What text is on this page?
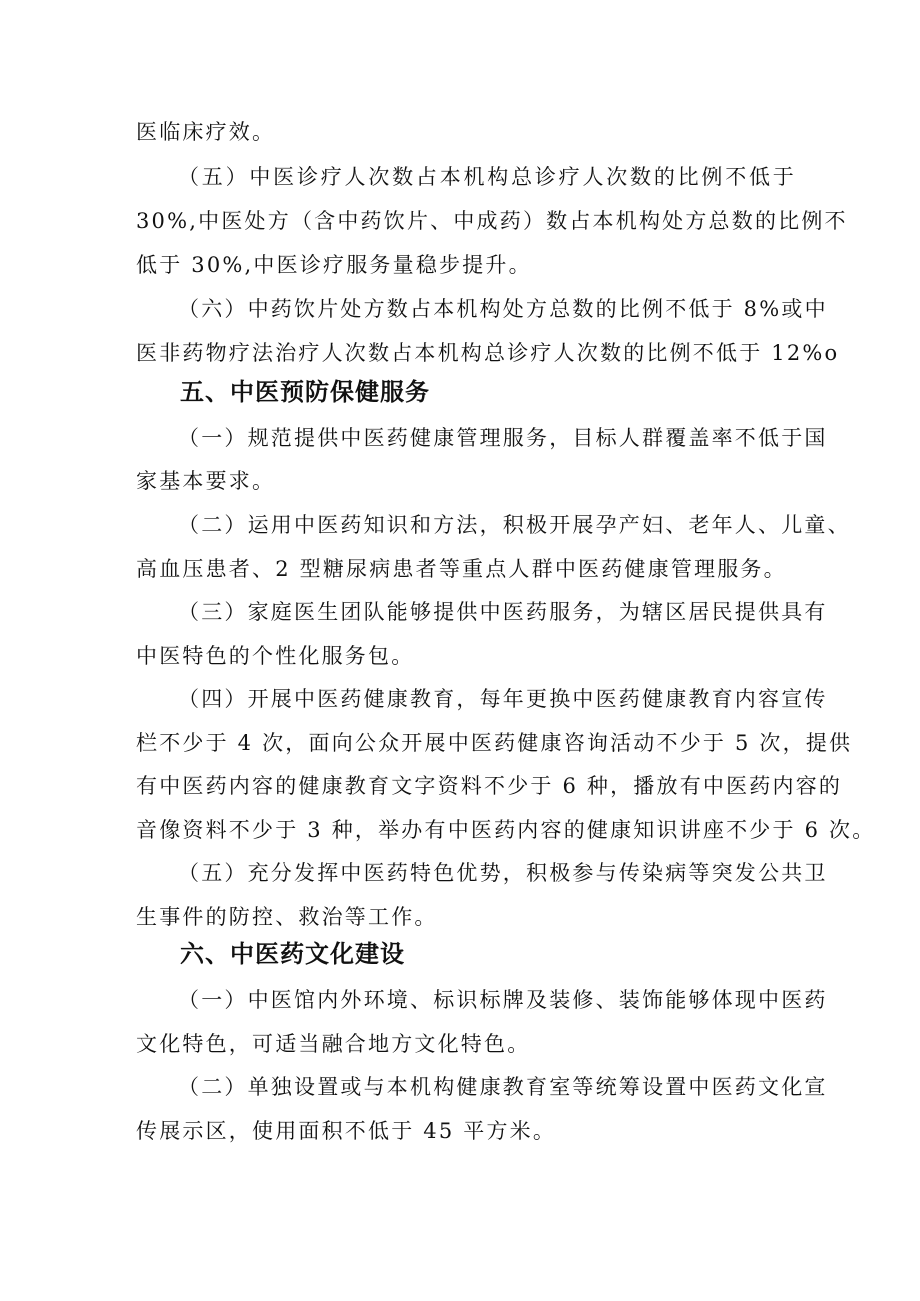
医临床疗效。
（五）中医诊疗人次数占本机构总诊疗人次数的比例不低于
30%,中医处方（含中药饮片、中成药）数占本机构处方总数的比例不
低于 30%,中医诊疗服务量稳步提升。
（六）中药饮片处方数占本机构处方总数的比例不低于 8%或中
医非药物疗法治疗人次数占本机构总诊疗人次数的比例不低于 12%o
五、中医预防保健服务
（一）规范提供中医药健康管理服务，目标人群覆盖率不低于国
家基本要求。
（二）运用中医药知识和方法，积极开展孕产妇、老年人、儿童、
高血压患者、2 型糖尿病患者等重点人群中医药健康管理服务。
（三）家庭医生团队能够提供中医药服务，为辖区居民提供具有
中医特色的个性化服务包。
（四）开展中医药健康教育，每年更换中医药健康教育内容宣传
栏不少于 4 次，面向公众开展中医药健康咨询活动不少于 5 次，提供
有中医药内容的健康教育文字资料不少于 6 种，播放有中医药内容的
音像资料不少于 3 种，举办有中医药内容的健康知识讲座不少于 6 次。
（五）充分发挥中医药特色优势，积极参与传染病等突发公共卫
生事件的防控、救治等工作。
六、中医药文化建设
（一）中医馆内外环境、标识标牌及装修、装饰能够体现中医药
文化特色，可适当融合地方文化特色。
（二）单独设置或与本机构健康教育室等统筹设置中医药文化宣
传展示区，使用面积不低于 45 平方米。
